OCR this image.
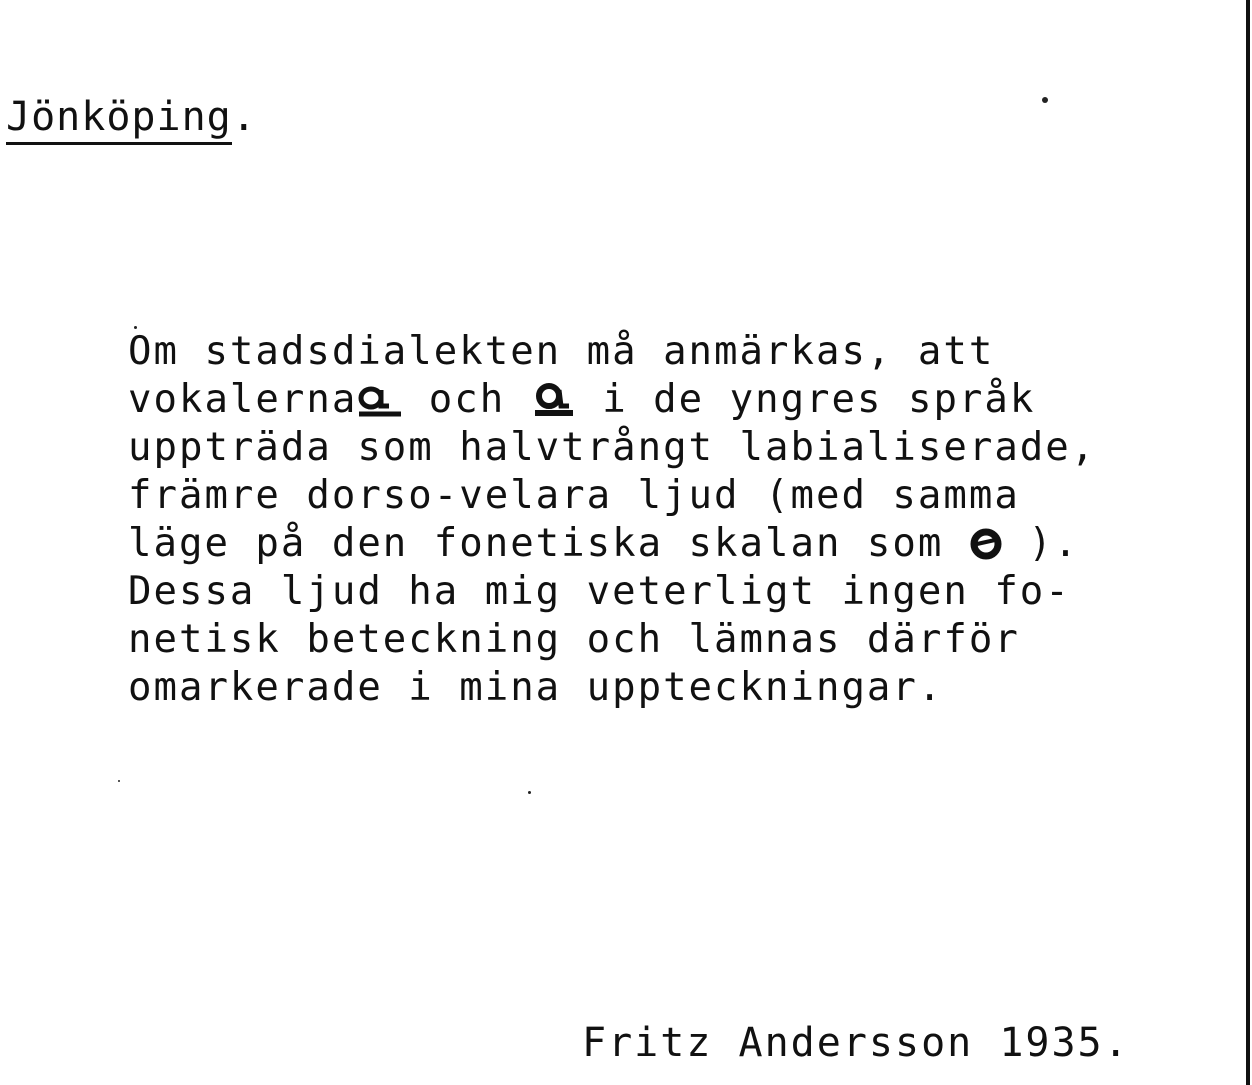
Jönköping.
Om stadsdialekten må anmärkas, att
vokalerna och  i de yngres språk
uppträda som halvtrångt labialiserade,
främre dorso-velara ljud (med samma
läge på den fonetiska skalan som  ).
Dessa ljud ha mig veterligt ingen fo-
netisk beteckning och lämnas därför
omarkerade i mina uppteckningar.
Fritz Andersson 1935.
